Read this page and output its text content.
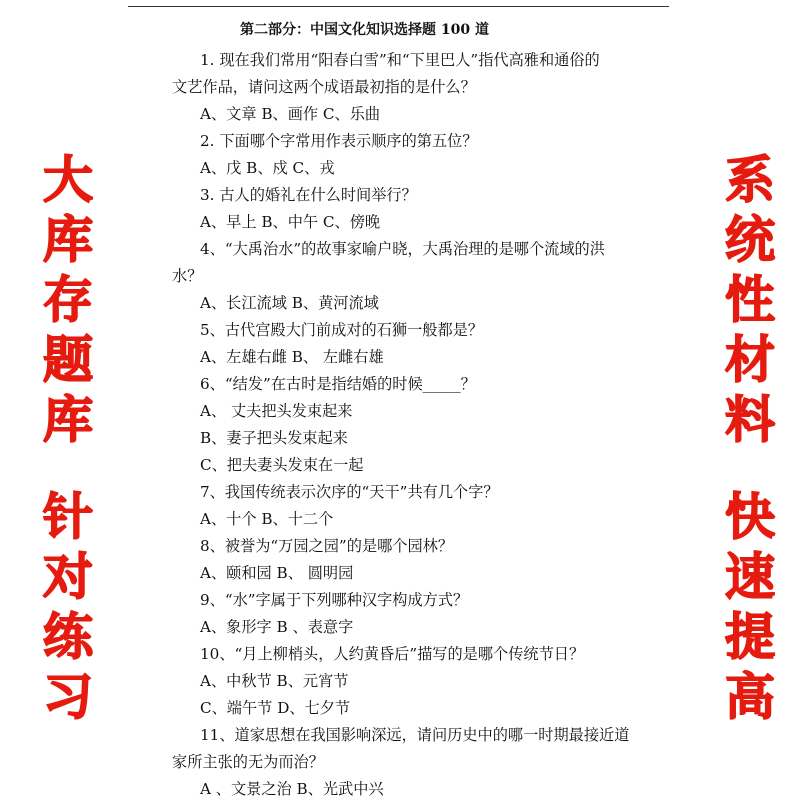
大
库
存
题
库
针
对
练
习
系
统
性
材
料
快
速
提
高
第二部分：中国文化知识选择题 100 道
1. 现在我们常用“阳春白雪”和“下里巴人”指代高雅和通俗的
文艺作品，请问这两个成语最初指的是什么？
A、文章 B、画作 C、乐曲
2. 下面哪个字常用作表示顺序的第五位？
A、戊 B、戍 C、戎
3. 古人的婚礼在什么时间举行？
A、早上 B、中午 C、傍晚
4、“大禹治水”的故事家喻户晓，大禹治理的是哪个流域的洪
水？
A、长江流域 B、黄河流域
5、古代宫殿大门前成对的石狮一般都是？
A、左雄右雌 B、 左雌右雄
6、“结发”在古时是指结婚的时候_____？
A、 丈夫把头发束起来
B、妻子把头发束起来
C、把夫妻头发束在一起
7、我国传统表示次序的“天干”共有几个字？
A、十个 B、十二个
8、被誉为“万园之园”的是哪个园林？
A、颐和园 B、 圆明园
9、“水”字属于下列哪种汉字构成方式？
A、象形字 B 、表意字
10、“月上柳梢头，人约黄昏后”描写的是哪个传统节日？
A、中秋节 B、元宵节
C、端午节 D、七夕节
11、道家思想在我国影响深远，请问历史中的哪一时期最接近道
家所主张的无为而治？
A 、文景之治 B、光武中兴
